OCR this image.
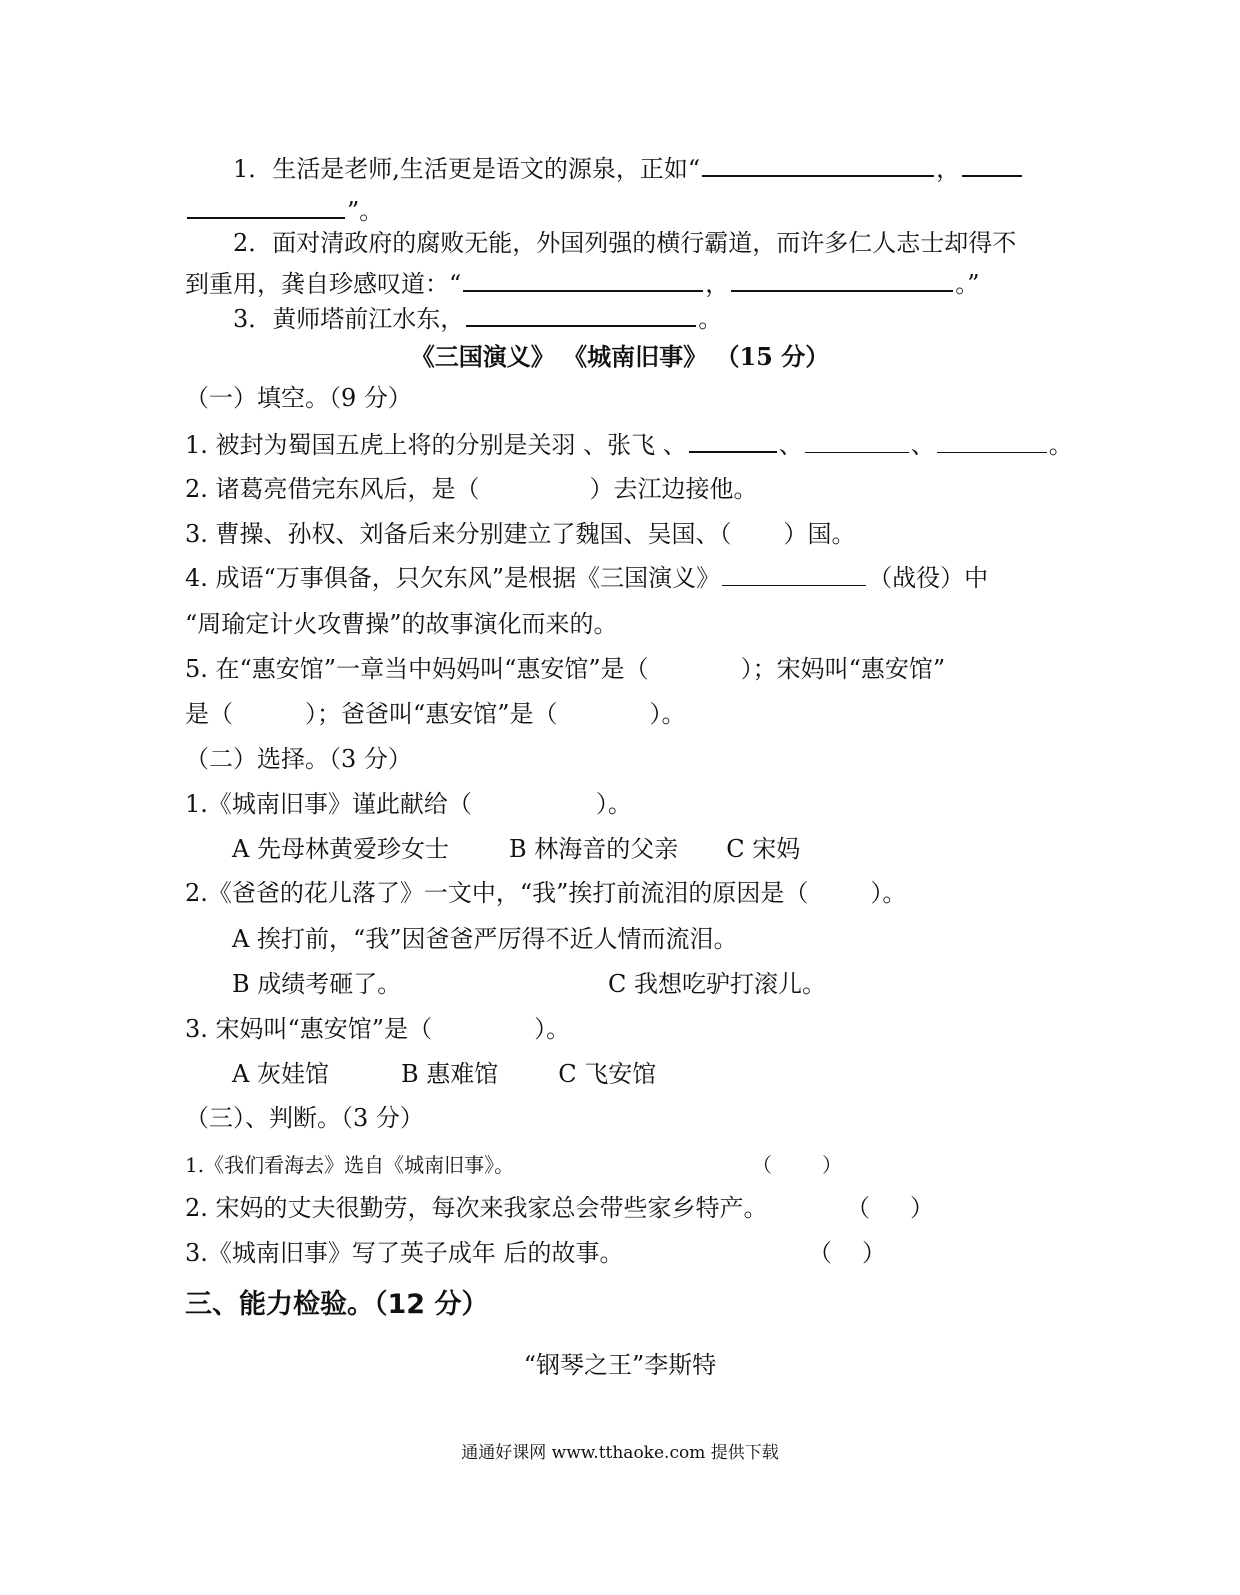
1．生活是老师,生活更是语文的源泉，正如“	，
”。
2．面对清政府的腐败无能，外国列强的横行霸道，而许多仁人志士却得不
到重用，龚自珍感叹道：“	，	。”
3．黄师塔前江水东，	。
《三国演义》 《城南旧事》 （15 分）
（一）填空。（9 分）
1. 被封为蜀国五虎上将的分别是关羽 、张飞 、	、	、	。
2. 诸葛亮借完东风后，是（	）去江边接他。
3. 曹操、孙权、刘备后来分别建立了魏国、吴国、（ ）国。
4. 成语“万事俱备，只欠东风”是根据《三国演义》	（战役）中
“周瑜定计火攻曹操”的故事演化而来的。
5. 在“惠安馆”一章当中妈妈叫“惠安馆”是（	）；宋妈叫“惠安馆”
是（	）；爸爸叫“惠安馆”是（	）。
（二）选择。（3 分）
1.《城南旧事》谨此献给（	）。
A 先母林黄爱珍女士	B 林海音的父亲 C 宋妈
2.《爸爸的花儿落了》一文中，“我”挨打前流泪的原因是（	）。
A 挨打前，“我”因爸爸严厉得不近人情而流泪。
B 成绩考砸了。	C 我想吃驴打滚儿。
3. 宋妈叫“惠安馆”是（	）。
A 灰娃馆	B 惠难馆	C 飞安馆
（三）、判断。（3 分）
1.《我们看海去》选自《城南旧事》。	（	）
2. 宋妈的丈夫很勤劳，每次来我家总会带些家乡特产。	（ ）
3.《城南旧事》写了英子成年 后的故事。	（ ）
三、能力检验。（12 分）
“钢琴之王”李斯特
通通好课网 www.tthaoke.com 提供下载
